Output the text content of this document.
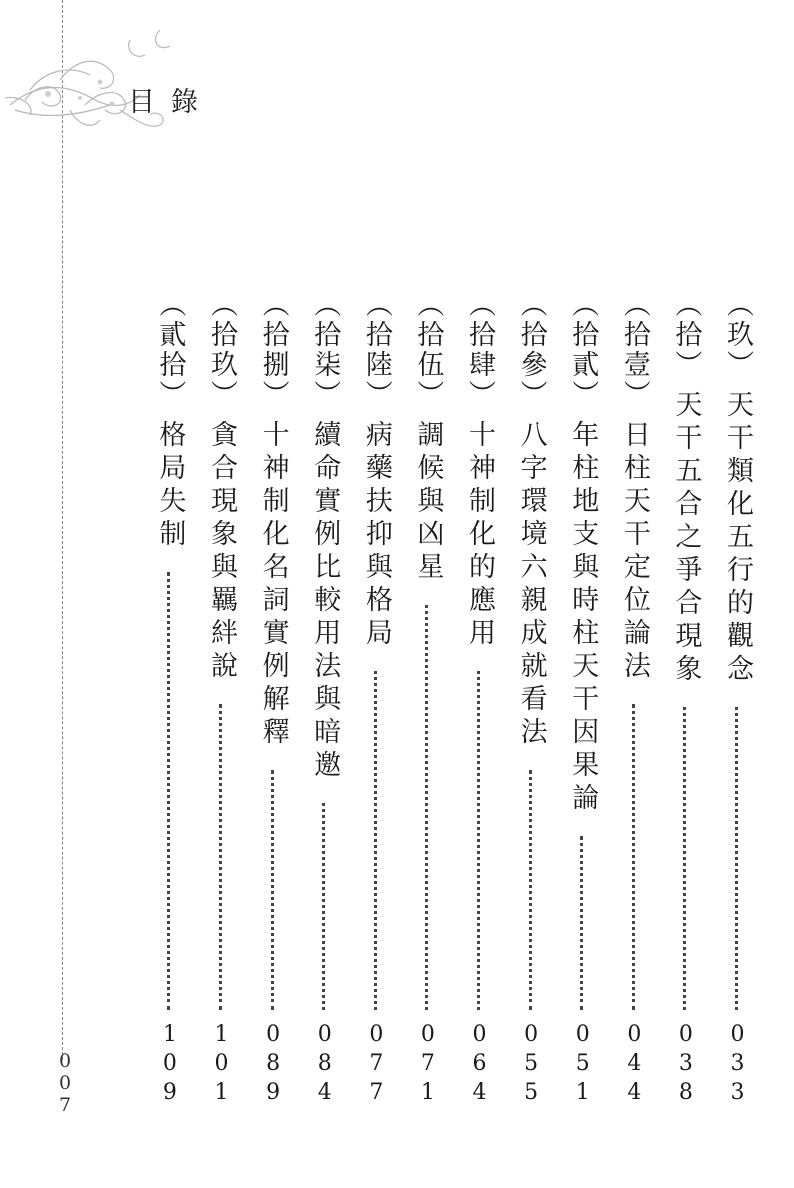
目錄
（玖）
天干類化五行的觀念
033
（拾）
天干五合之爭合現象
038
（拾壹）
日柱天干定位論法
044
（拾貳）
年柱地支與時柱天干因果論
051
（拾參）
八字環境六親成就看法
055
（拾肆）
十神制化的應用
064
（拾伍）
調候與凶星
071
（拾陸）
病藥扶抑與格局
077
（拾柒）
續命實例比較用法與暗邀
084
（拾捌）
十神制化名詞實例解釋
089
（拾玖）
貪合現象與羈絆說
101
（貳拾）
格局失制
109
007
